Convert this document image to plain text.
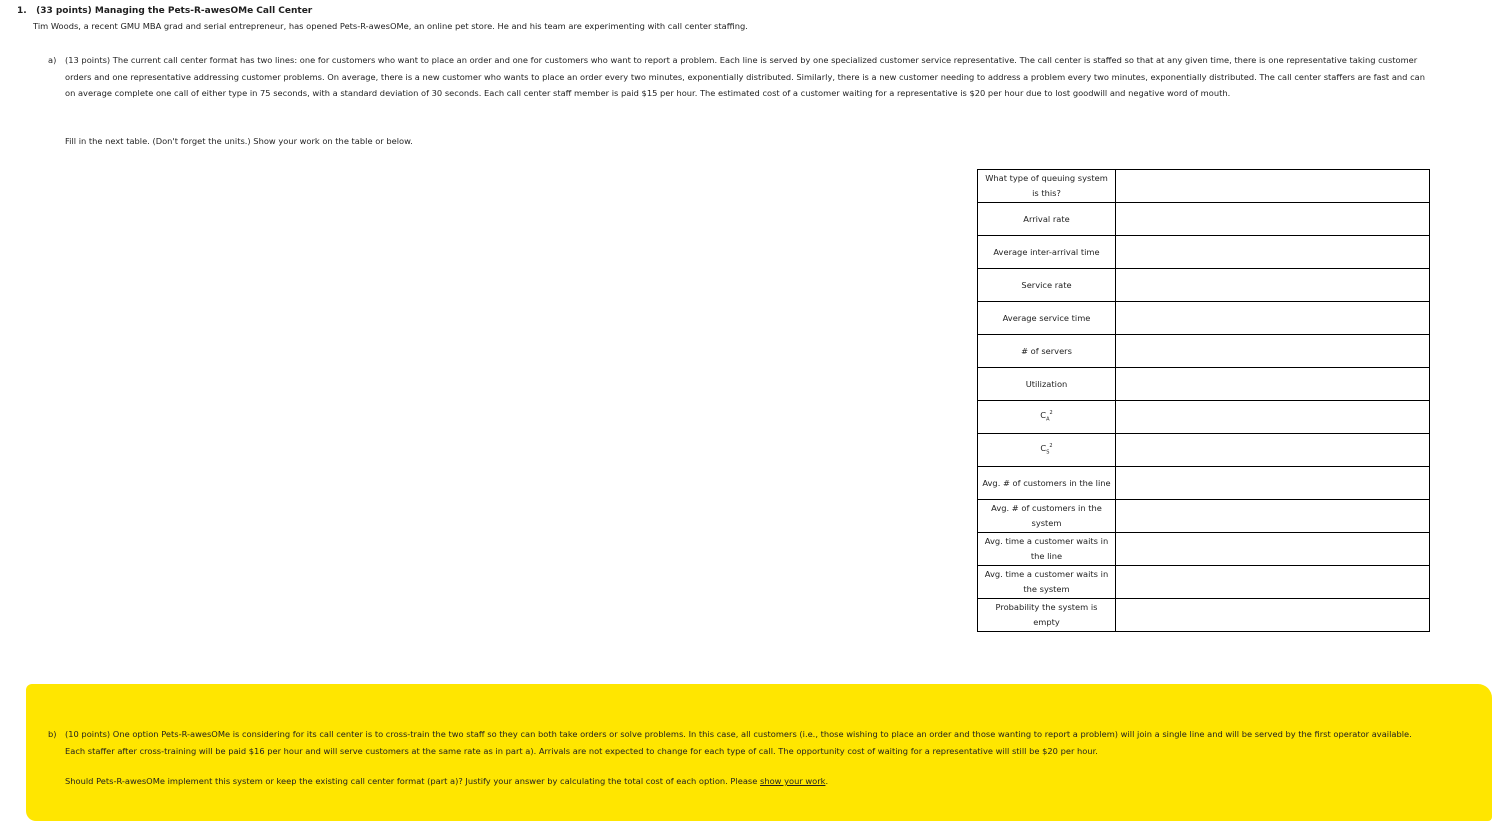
1. (33 points) Managing the Pets-R-awesOMe Call Center

Tim Woods, a recent GMU MBA grad and serial entrepreneur, has opened Pets-R-awesOMe, an online pet store. He and his team are experimenting with call center staffing.

a) (13 points) The current call center format has two lines: one for customers who want to place an order and one for customers who want to report a problem. Each line is served by one specialized customer service representative. The call center is staffed so that at any given time, there is one representative taking customer orders and one representative addressing customer problems. On average, there is a new customer who wants to place an order every two minutes, exponentially distributed. Similarly, there is a new customer needing to address a problem every two minutes, exponentially distributed. The call center staffers are fast and can on average complete one call of either type in 75 seconds, with a standard deviation of 30 seconds. Each call center staff member is paid $15 per hour. The estimated cost of a customer waiting for a representative is $20 per hour due to lost goodwill and negative word of mouth.

Fill in the next table. (Don't forget the units.) Show your work on the table or below.

What type of queuing system is this?	
Arrival rate	
Average inter-arrival time	
Service rate	
Average service time	
# of servers	
Utilization	
$C_A^2$	
$C_S^2$	
Avg. # of customers in the line	
Avg. # of customers in the system	
Avg. time a customer waits in the line	
Avg. time a customer waits in the system	
Probability the system is empty	
b) (10 points) One option Pets-R-awesOMe is considering for its call center is to cross-train the two staff so they can both take orders or solve problems. In this case, all customers (i.e., those wishing to place an order and those wanting to report a problem) will join a single line and will be served by the first operator available. Each staffer after cross-training will be paid $16 per hour and will serve customers at the same rate as in part a). Arrivals are not expected to change for each type of call. The opportunity cost of waiting for a representative will still be $20 per hour.

Should Pets-R-awesOMe implement this system or keep the existing call center format (part a)? Justify your answer by calculating the total cost of each option. Please show your work.
